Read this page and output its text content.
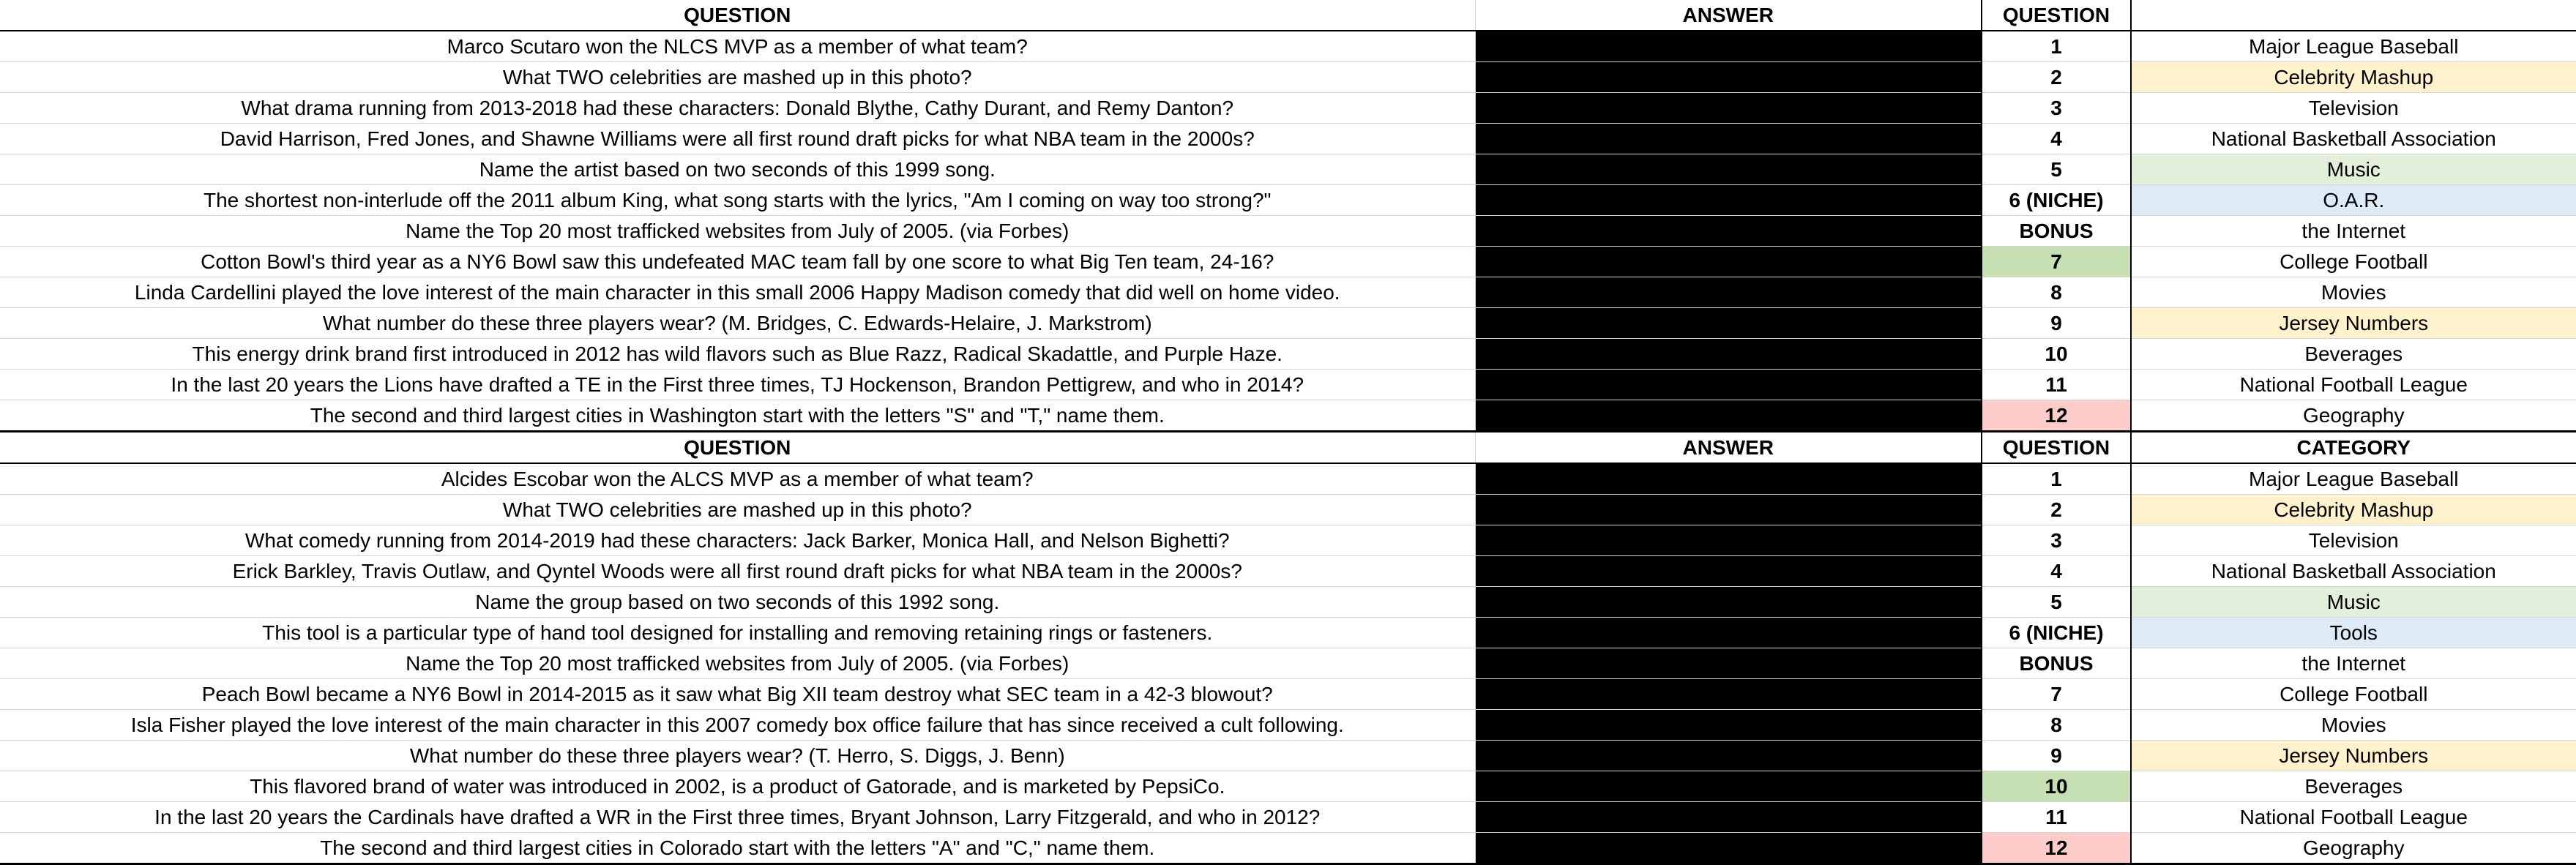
QUESTION	ANSWER	QUESTION	
Marco Scutaro won the NLCS MVP as a member of what team?		1	Major League Baseball
What TWO celebrities are mashed up in this photo?		2	Celebrity Mashup
What drama running from 2013-2018 had these characters: Donald Blythe, Cathy Durant, and Remy Danton?		3	Television
David Harrison, Fred Jones, and Shawne Williams were all first round draft picks for what NBA team in the 2000s?		4	National Basketball Association
Name the artist based on two seconds of this 1999 song.		5	Music
The shortest non-interlude off the 2011 album King, what song starts with the lyrics, "Am I coming on way too strong?"		6 (NICHE)	O.A.R.
Name the Top 20 most trafficked websites from July of 2005. (via Forbes)		BONUS	the Internet
Cotton Bowl's third year as a NY6 Bowl saw this undefeated MAC team fall by one score to what Big Ten team, 24-16?		7	College Football
Linda Cardellini played the love interest of the main character in this small 2006 Happy Madison comedy that did well on home video.		8	Movies
What number do these three players wear? (M. Bridges, C. Edwards-Helaire, J. Markstrom)		9	Jersey Numbers
This energy drink brand first introduced in 2012 has wild flavors such as Blue Razz, Radical Skadattle, and Purple Haze.		10	Beverages
In the last 20 years the Lions have drafted a TE in the First three times, TJ Hockenson, Brandon Pettigrew, and who in 2014?		11	National Football League
The second and third largest cities in Washington start with the letters "S" and "T," name them.		12	Geography
QUESTION	ANSWER	QUESTION	CATEGORY
Alcides Escobar won the ALCS MVP as a member of what team?		1	Major League Baseball
What TWO celebrities are mashed up in this photo?		2	Celebrity Mashup
What comedy running from 2014-2019 had these characters: Jack Barker, Monica Hall, and Nelson Bighetti?		3	Television
Erick Barkley, Travis Outlaw, and Qyntel Woods were all first round draft picks for what NBA team in the 2000s?		4	National Basketball Association
Name the group based on two seconds of this 1992 song.		5	Music
This tool is a particular type of hand tool designed for installing and removing retaining rings or fasteners.		6 (NICHE)	Tools
Name the Top 20 most trafficked websites from July of 2005. (via Forbes)		BONUS	the Internet
Peach Bowl became a NY6 Bowl in 2014-2015 as it saw what Big XII team destroy what SEC team in a 42-3 blowout?		7	College Football
Isla Fisher played the love interest of the main character in this 2007 comedy box office failure that has since received a cult following.		8	Movies
What number do these three players wear? (T. Herro, S. Diggs, J. Benn)		9	Jersey Numbers
This flavored brand of water was introduced in 2002, is a product of Gatorade, and is marketed by PepsiCo.		10	Beverages
In the last 20 years the Cardinals have drafted a WR in the First three times, Bryant Johnson, Larry Fitzgerald, and who in 2012?		11	National Football League
The second and third largest cities in Colorado start with the letters "A" and "C," name them.		12	Geography
